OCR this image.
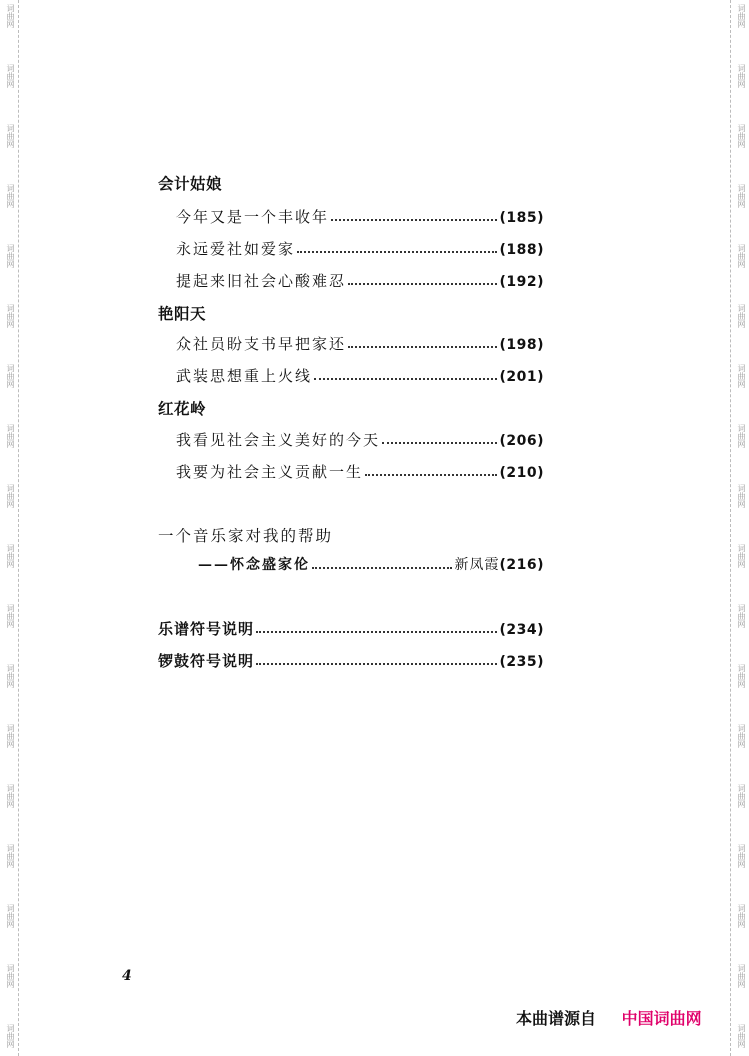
词曲网	词曲网
词曲网	词曲网
词曲网	词曲网
词曲网	词曲网
词曲网	词曲网
词曲网	词曲网
词曲网	词曲网
词曲网	词曲网
词曲网	词曲网
词曲网	词曲网
词曲网	词曲网
词曲网	词曲网
词曲网	词曲网
词曲网	词曲网
词曲网	词曲网
词曲网	词曲网
词曲网	词曲网
词曲网	词曲网
会计姑娘
今年又是一个丰收年	(185)
永远爱社如爱家	(188)
提起来旧社会心酸难忍	(192)
艳阳天
众社员盼支书早把家还	(198)
武装思想重上火线	(201)
红花岭
我看见社会主义美好的今天	(206)
我要为社会主义贡献一生	(210)
一个音乐家对我的帮助
——怀念盛家伦	新凤霞 (216)
乐谱符号说明	(234)
锣鼓符号说明	(235)
4
本曲谱源自 中国词曲网
